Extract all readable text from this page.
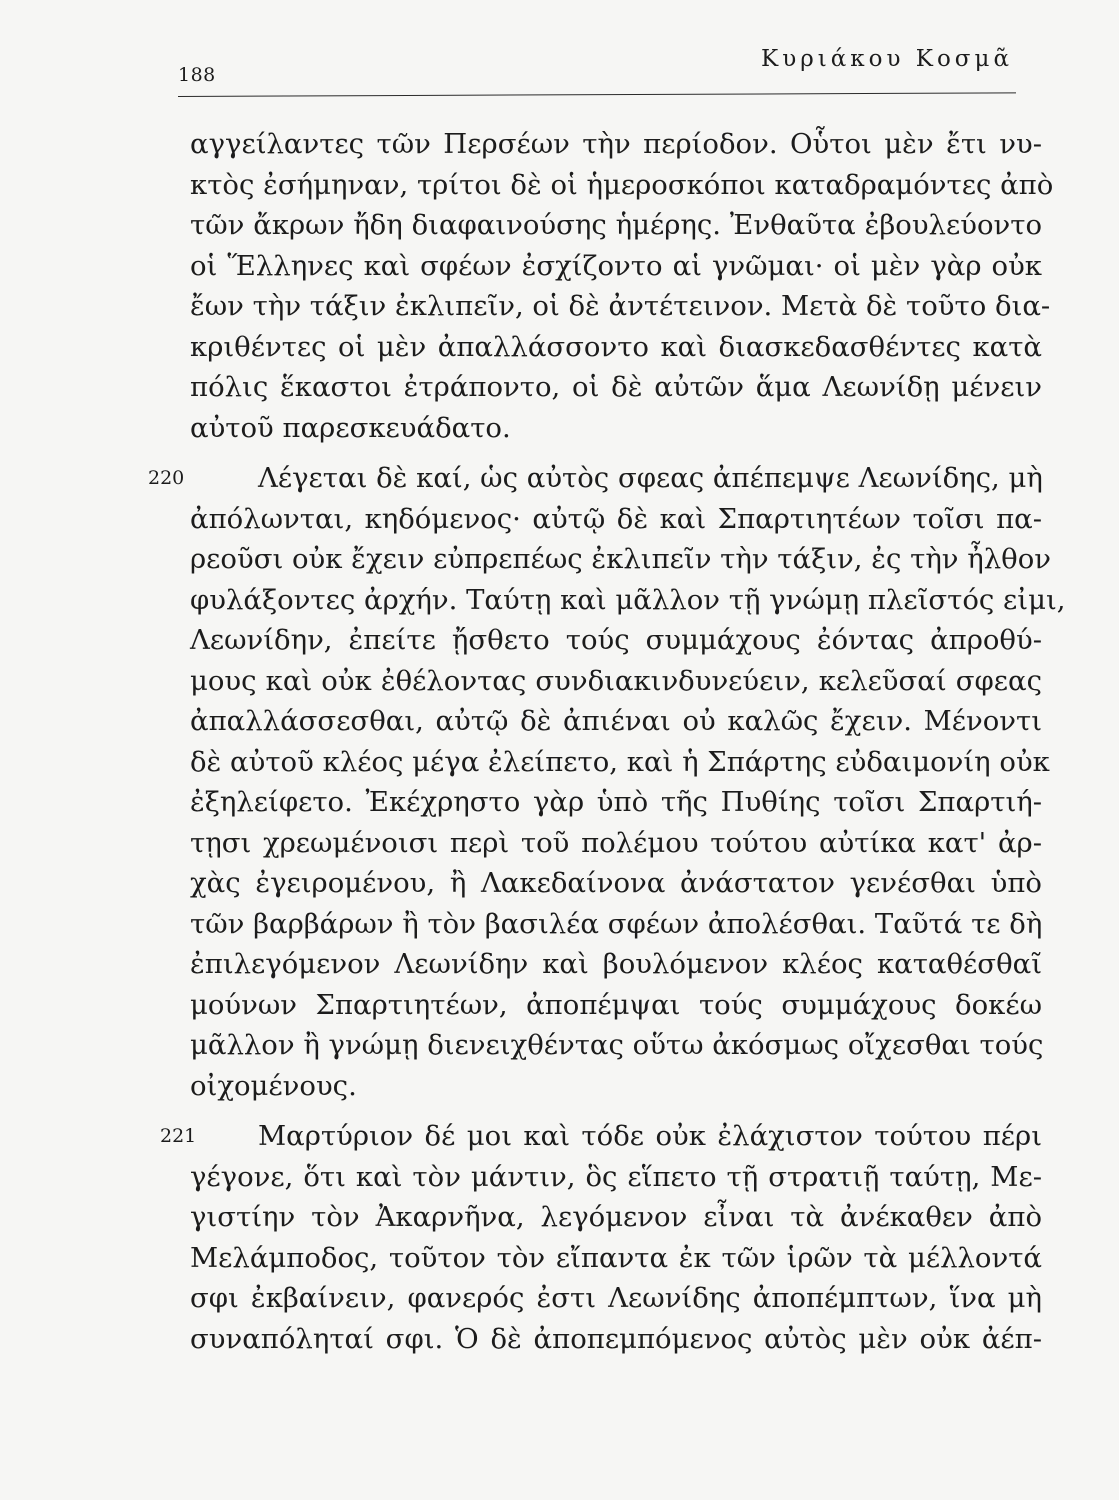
188
Κυριάκου Κοσμᾶ
αγγείλαντες τῶν Περσέων τὴν περίοδον. Οὗτοι μὲν ἔτι νυ-
κτὸς ἐσήμηναν, τρίτοι δὲ οἱ ἡμεροσκόποι καταδραμόντες ἀπὸ
τῶν ἄκρων ἤδη διαφαινούσης ἡμέρης. Ἐνθαῦτα ἐβουλεύοντο
οἱ Ἕλληνες καὶ σφέων ἐσχίζοντο αἱ γνῶμαι· οἱ μὲν γὰρ οὐκ
ἔων τὴν τάξιν ἐκλιπεῖν, οἱ δὲ ἀντέτεινον. Μετὰ δὲ τοῦτο δια-
κριθέντες οἱ μὲν ἀπαλλάσσοντο καὶ διασκεδασθέντες κατὰ
πόλις ἕκαστοι ἐτράποντο, οἱ δὲ αὐτῶν ἅμα Λεωνίδῃ μένειν
αὐτοῦ παρεσκευάδατο.
220	Λέγεται δὲ καί, ὡς αὐτὸς σφεας ἀπέπεμψε Λεωνίδης, μὴ
ἀπόλωνται, κηδόμενος· αὐτῷ δὲ καὶ Σπαρτιητέων τοῖσι πα-
ρεοῦσι οὐκ ἔχειν εὐπρεπέως ἐκλιπεῖν τὴν τάξιν, ἐς τὴν ἦλθον
φυλάξοντες ἀρχήν. Ταύτῃ καὶ μᾶλλον τῇ γνώμῃ πλεῖστός εἰμι,
Λεωνίδην, ἐπείτε ᾔσθετο τούς συμμάχους ἐόντας ἀπροθύ-
μους καὶ οὐκ ἐθέλοντας συνδιακινδυνεύειν, κελεῦσαί σφεας
ἀπαλλάσσεσθαι, αὐτῷ δὲ ἀπιέναι οὐ καλῶς ἔχειν. Μένοντι
δὲ αὐτοῦ κλέος μέγα ἐλείπετο, καὶ ἡ Σπάρτης εὐδαιμονίη οὐκ
ἐξηλείφετο. Ἐκέχρηστο γὰρ ὑπὸ τῆς Πυθίης τοῖσι Σπαρτιή-
τῃσι χρεωμένοισι περὶ τοῦ πολέμου τούτου αὐτίκα κατ' ἀρ-
χὰς ἐγειρομένου, ἢ Λακεδαίνονα ἀνάστατον γενέσθαι ὑπὸ
τῶν βαρβάρων ἢ τὸν βασιλέα σφέων ἀπολέσθαι. Ταῦτά τε δὴ
ἐπιλεγόμενον Λεωνίδην καὶ βουλόμενον κλέος καταθέσθαῖ
μούνων Σπαρτιητέων, ἀποπέμψαι τούς συμμάχους δοκέω
μᾶλλον ἢ γνώμῃ διενειχθέντας οὕτω ἀκόσμως οἴχεσθαι τούς
οἰχομένους.
221	Μαρτύριον δέ μοι καὶ τόδε οὐκ ἐλάχιστον τούτου πέρι
γέγονε, ὅτι καὶ τὸν μάντιν, ὃς εἵπετο τῇ στρατιῇ ταύτῃ, Με-
γιστίην τὸν Ἀκαρνῆνα, λεγόμενον εἶναι τὰ ἀνέκαθεν ἀπὸ
Μελάμποδος, τοῦτον τὸν εἴπαντα ἐκ τῶν ἱρῶν τὰ μέλλοντά
σφι ἐκβαίνειν, φανερός ἐστι Λεωνίδης ἀποπέμπτων, ἵνα μὴ
συναπόληταί σφι. Ὁ δὲ ἀποπεμπόμενος αὐτὸς μὲν οὐκ ἀέπ-
